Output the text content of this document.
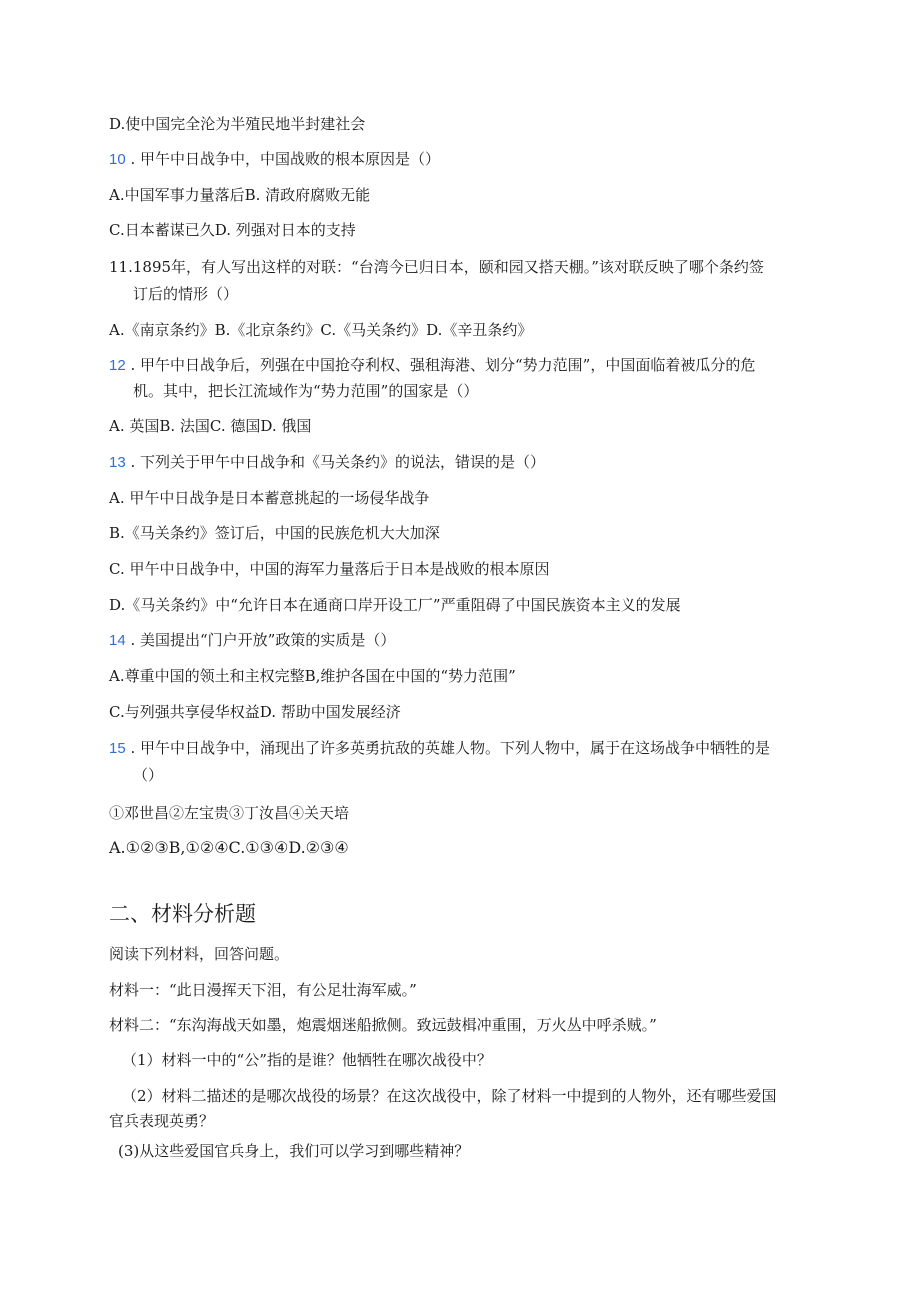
D.使中国完全沦为半殖民地半封建社会
10 . 甲午中日战争中，中国战败的根本原因是（）
A.中国军事力量落后B. 清政府腐败无能
C.日本蓄谋已久D. 列强对日本的支持
11.1895年，有人写出这样的对联：“台湾今已归日本，颐和园又搭天棚。”该对联反映了哪个条约签
订后的情形（）
A.《南京条约》B.《北京条约》C.《马关条约》D.《辛丑条约》
12 . 甲午中日战争后，列强在中国抢夺利权、强租海港、划分“势力范围”，中国面临着被瓜分的危
机。其中，把长江流域作为“势力范围”的国家是（）
A. 英国B. 法国C. 德国D. 俄国
13 . 下列关于甲午中日战争和《马关条约》的说法，错误的是（）
A. 甲午中日战争是日本蓄意挑起的一场侵华战争
B.《马关条约》签订后，中国的民族危机大大加深
C. 甲午中日战争中，中国的海军力量落后于日本是战败的根本原因
D.《马关条约》中“允许日本在通商口岸开设工厂”严重阻碍了中国民族资本主义的发展
14 . 美国提出“门户开放”政策的实质是（）
A.尊重中国的领土和主权完整B,维护各国在中国的“势力范围”
C.与列强共享侵华权益D. 帮助中国发展经济
15 . 甲午中日战争中，涌现出了许多英勇抗敌的英雄人物。下列人物中，属于在这场战争中牺牲的是
（）
①邓世昌②左宝贵③丁汝昌④关天培
A.①②③B,①②④C.①③④D.②③④
二、材料分析题
阅读下列材料，回答问题。
材料一：“此日漫挥天下泪，有公足壮海军威。”
材料二：“东沟海战天如墨，炮震烟迷船掀侧。致远鼓楫冲重围，万火丛中呼杀贼。”
（1）材料一中的“公”指的是谁？他牺牲在哪次战役中？
（2）材料二描述的是哪次战役的场景？在这次战役中，除了材料一中提到的人物外，还有哪些爱国
官兵表现英勇？
(3)从这些爱国官兵身上，我们可以学习到哪些精神？
